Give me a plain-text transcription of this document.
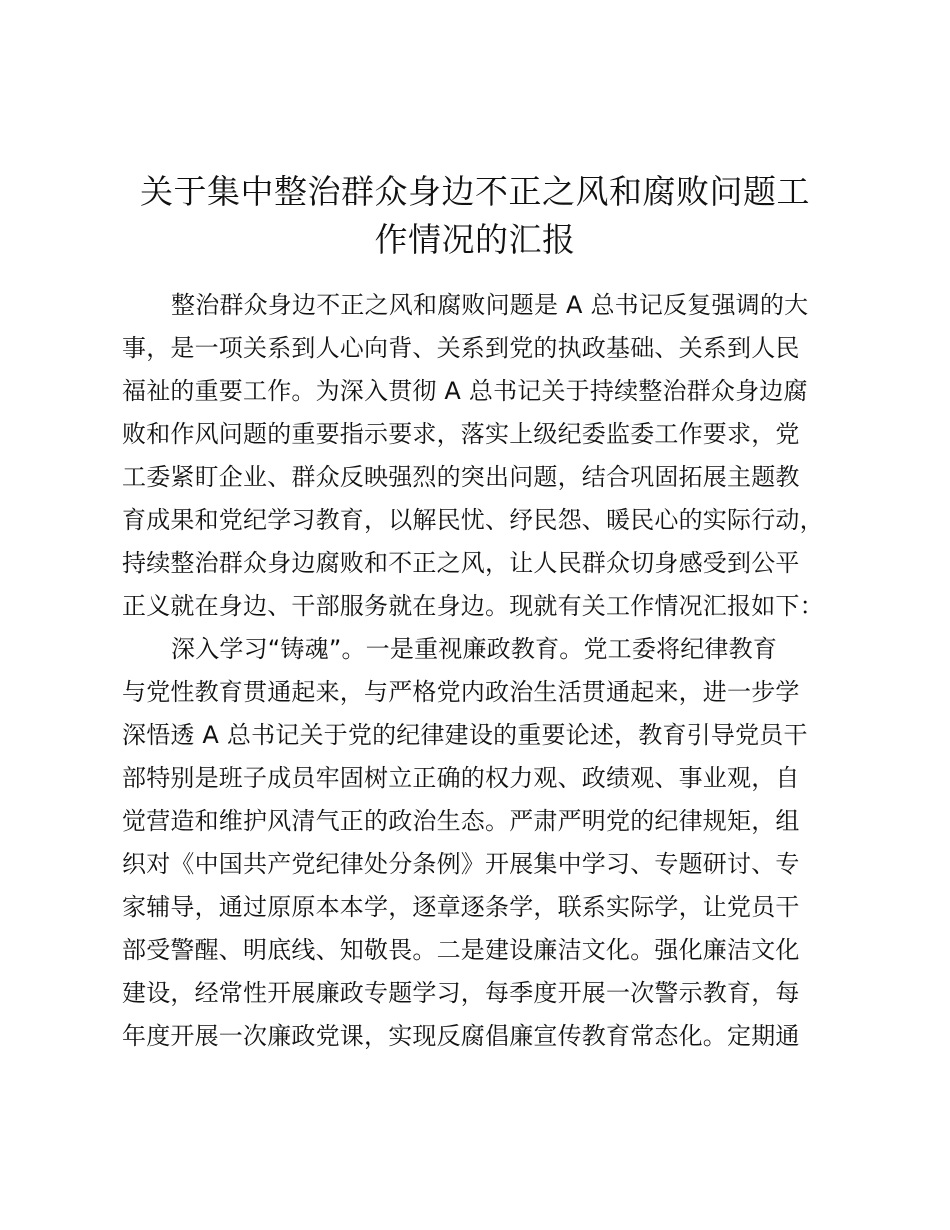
关于集中整治群众身边不正之风和腐败问题工
作情况的汇报
整治群众身边不正之风和腐败问题是 A 总书记反复强调的大
事，是一项关系到人心向背、关系到党的执政基础、关系到人民
福祉的重要工作。为深入贯彻 A 总书记关于持续整治群众身边腐
败和作风问题的重要指示要求，落实上级纪委监委工作要求，党
工委紧盯企业、群众反映强烈的突出问题，结合巩固拓展主题教
育成果和党纪学习教育，以解民忧、纾民怨、暖民心的实际行动，
持续整治群众身边腐败和不正之风，让人民群众切身感受到公平
正义就在身边、干部服务就在身边。现就有关工作情况汇报如下：
深入学习“铸魂”。一是重视廉政教育。党工委将纪律教育
与党性教育贯通起来，与严格党内政治生活贯通起来，进一步学
深悟透 A 总书记关于党的纪律建设的重要论述，教育引导党员干
部特别是班子成员牢固树立正确的权力观、政绩观、事业观，自
觉营造和维护风清气正的政治生态。严肃严明党的纪律规矩，组
织对《中国共产党纪律处分条例》开展集中学习、专题研讨、专
家辅导，通过原原本本学，逐章逐条学，联系实际学，让党员干
部受警醒、明底线、知敬畏。二是建设廉洁文化。强化廉洁文化
建设，经常性开展廉政专题学习，每季度开展一次警示教育，每
年度开展一次廉政党课，实现反腐倡廉宣传教育常态化。定期通
